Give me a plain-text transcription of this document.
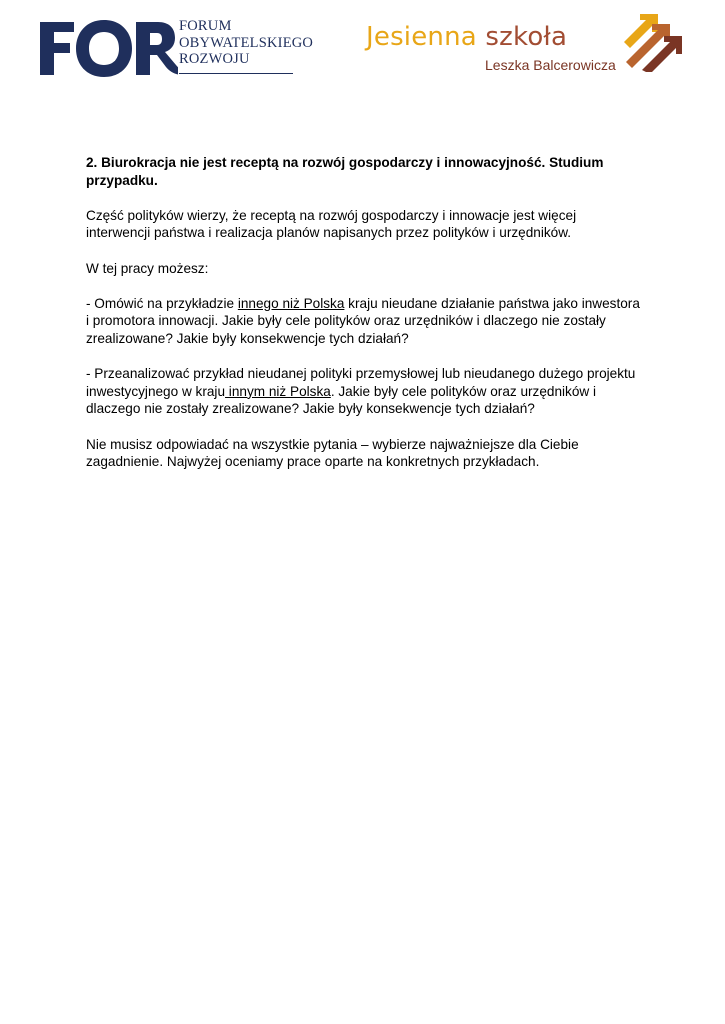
FORUM
OBYWATELSKIEGO
ROZWOJU
Jesienna szkoła
Leszka Balcerowicza

2. Biurokracja nie jest receptą na rozwój gospodarczy i innowacyjność. Studium przypadku.

Część polityków wierzy, że receptą na rozwój gospodarczy i innowacje jest więcej interwencji państwa i realizacja planów napisanych przez polityków i urzędników.

W tej pracy możesz:

- Omówić na przykładzie innego niż Polska kraju nieudane działanie państwa jako inwestora i promotora innowacji. Jakie były cele polityków oraz urzędników i dlaczego nie zostały zrealizowane? Jakie były konsekwencje tych działań?

- Przeanalizować przykład nieudanej polityki przemysłowej lub nieudanego dużego projektu inwestycyjnego w kraju innym niż Polska. Jakie były cele polityków oraz urzędników i dlaczego nie zostały zrealizowane? Jakie były konsekwencje tych działań?

Nie musisz odpowiadać na wszystkie pytania – wybierze najważniejsze dla Ciebie zagadnienie. Najwyżej oceniamy prace oparte na konkretnych przykładach.
